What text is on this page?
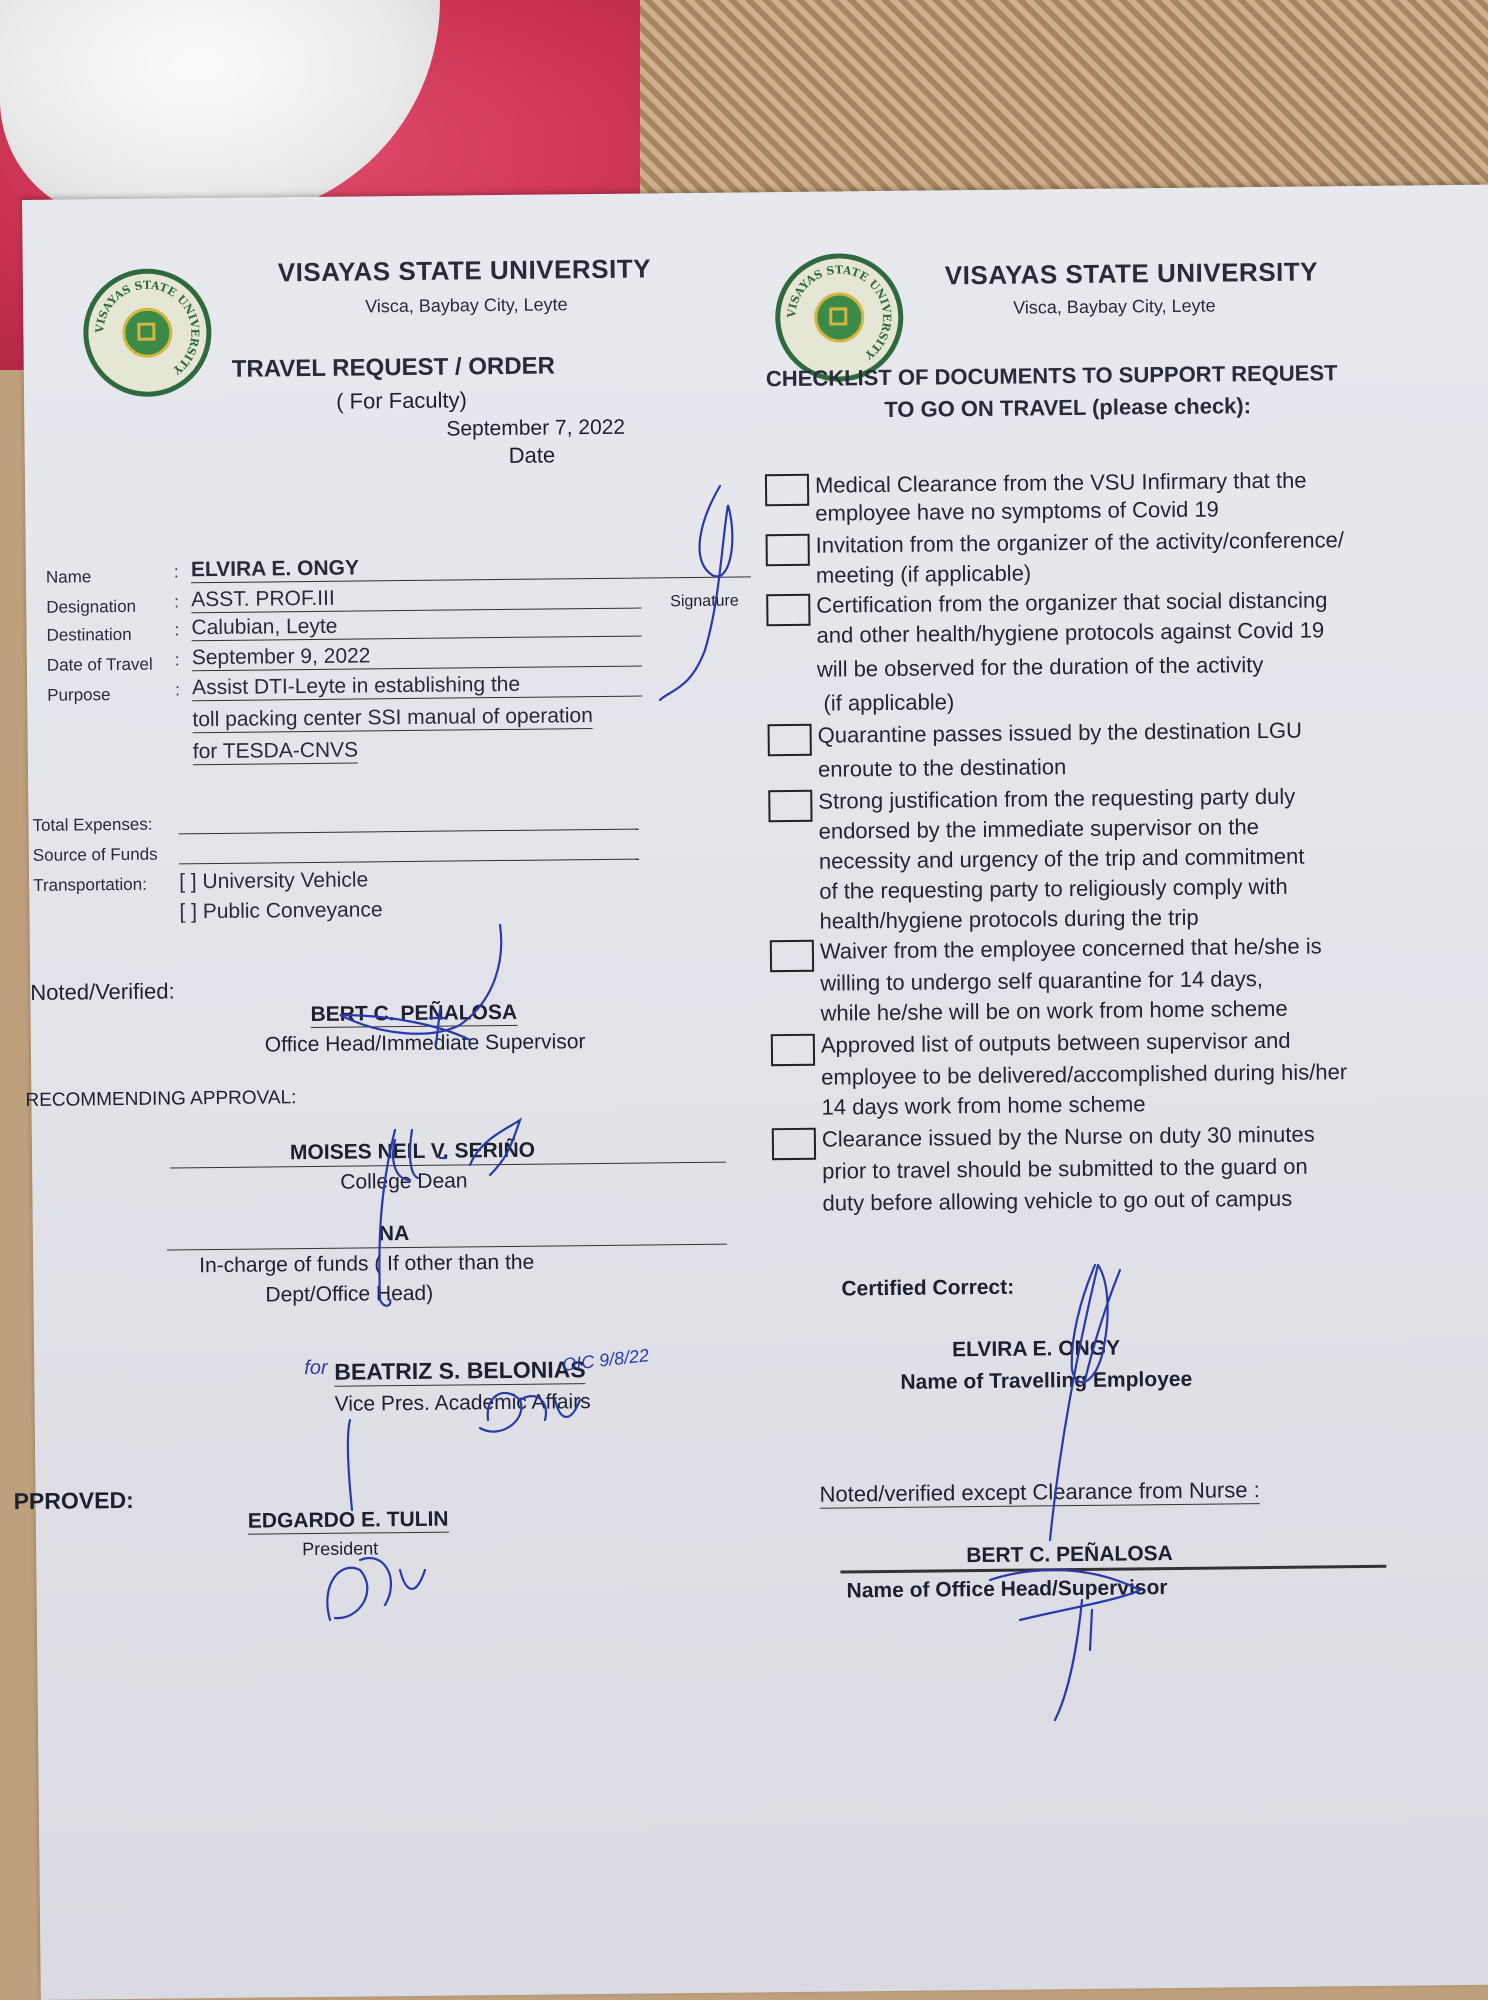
VISAYAS STATE UNIVERSITY
VISAYAS STATE UNIVERSITY
Visca, Baybay City, Leyte
TRAVEL REQUEST / ORDER
( For Faculty)
September 7, 2022
Date
VISAYAS STATE UNIVERSITY
VISAYAS STATE UNIVERSITY
Visca, Baybay City, Leyte
CHECKLIST OF DOCUMENTS TO SUPPORT REQUEST
TO GO ON TRAVEL (please check):
Name	: ELVIRA E. ONGY
Designation : ASST. PROF.III	Signature
Destination	: Calubian, Leyte
Date of Travel : September 9, 2022
Purpose	: Assist DTI-Leyte in establishing the
toll packing center SSI manual of operation
for TESDA-CNVS
Total Expenses:
Source of Funds
Transportation: [ ] University Vehicle
[ ] Public Conveyance
Noted/Verified:
BERT C. PEÑALOSA
Office Head/Immediate Supervisor
RECOMMENDING APPROVAL:
MOISES NEIL V. SERIÑO
College Dean
NA
In-charge of funds ( If other than the
Dept/Office Head)
for BEATRIZ S. BELONIAS
OIC 9/8/22
Vice Pres. Academic Affairs
PPROVED:
EDGARDO E. TULIN
President
Medical Clearance from the VSU Infirmary that the
employee have no symptoms of Covid 19
Invitation from the organizer of the activity/conference/
meeting (if applicable)
Certification from the organizer that social distancing
and other health/hygiene protocols against Covid 19
will be observed for the duration of the activity
(if applicable)
Quarantine passes issued by the destination LGU
enroute to the destination
Strong justification from the requesting party duly
endorsed by the immediate supervisor on the
necessity and urgency of the trip and commitment
of the requesting party to religiously comply with
health/hygiene protocols during the trip
Waiver from the employee concerned that he/she is
willing to undergo self quarantine for 14 days,
while he/she will be on work from home scheme
Approved list of outputs between supervisor and
employee to be delivered/accomplished during his/her
14 days work from home scheme
Clearance issued by the Nurse on duty 30 minutes
prior to travel should be submitted to the guard on
duty before allowing vehicle to go out of campus
Certified Correct:
ELVIRA E. ONGY
Name of Travelling Employee
Noted/verified except Clearance from Nurse :
BERT C. PEÑALOSA
Name of Office Head/Supervisor
